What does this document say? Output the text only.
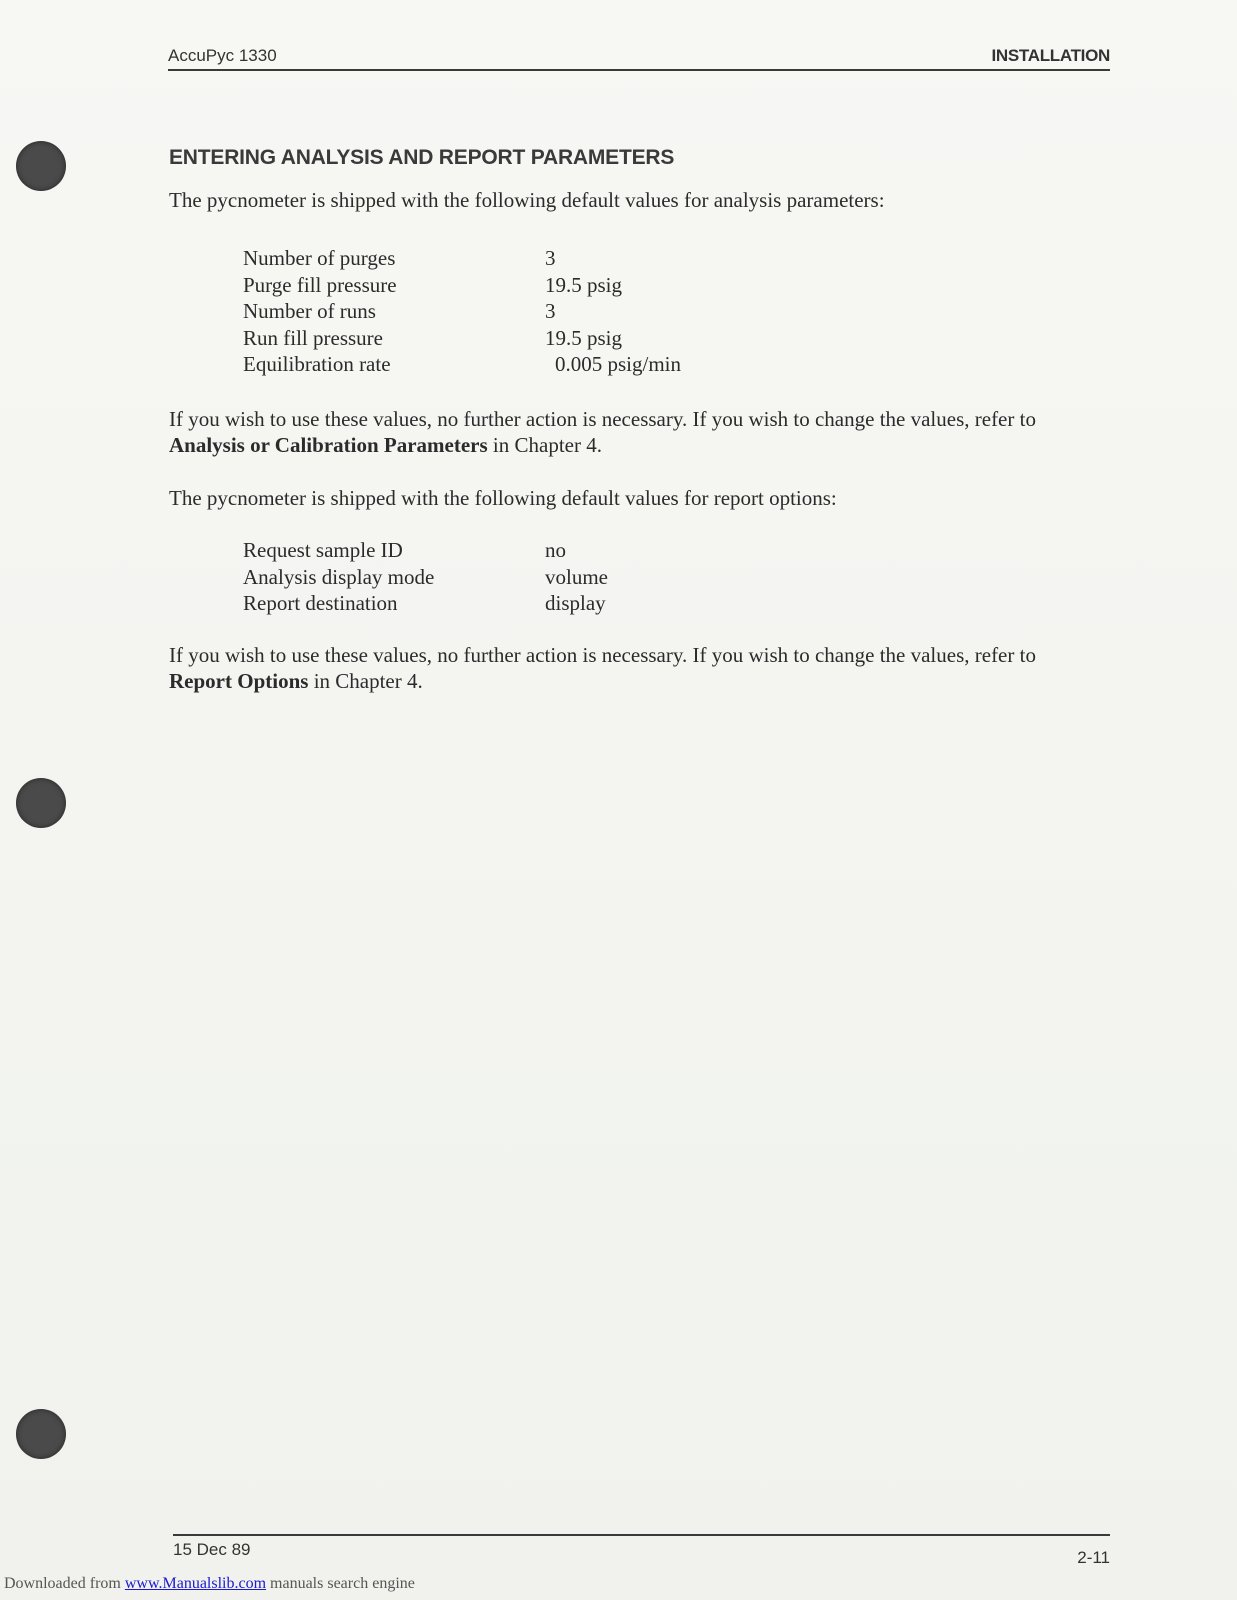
AccuPyc 1330	INSTALLATION
ENTERING ANALYSIS AND REPORT PARAMETERS
The pycnometer is shipped with the following default values for analysis parameters:
Number of purges	3
Purge fill pressure	19.5 psig
Number of runs	3
Run fill pressure	19.5 psig
Equilibration rate	0.005 psig/min
If you wish to use these values, no further action is necessary. If you wish to change the values, refer to Analysis or Calibration Parameters in Chapter 4.
The pycnometer is shipped with the following default values for report options:
Request sample ID	no
Analysis display mode	volume
Report destination	display
If you wish to use these values, no further action is necessary. If you wish to change the values, refer to Report Options in Chapter 4.
15 Dec 89	2-11
Downloaded from www.Manualslib.com manuals search engine
